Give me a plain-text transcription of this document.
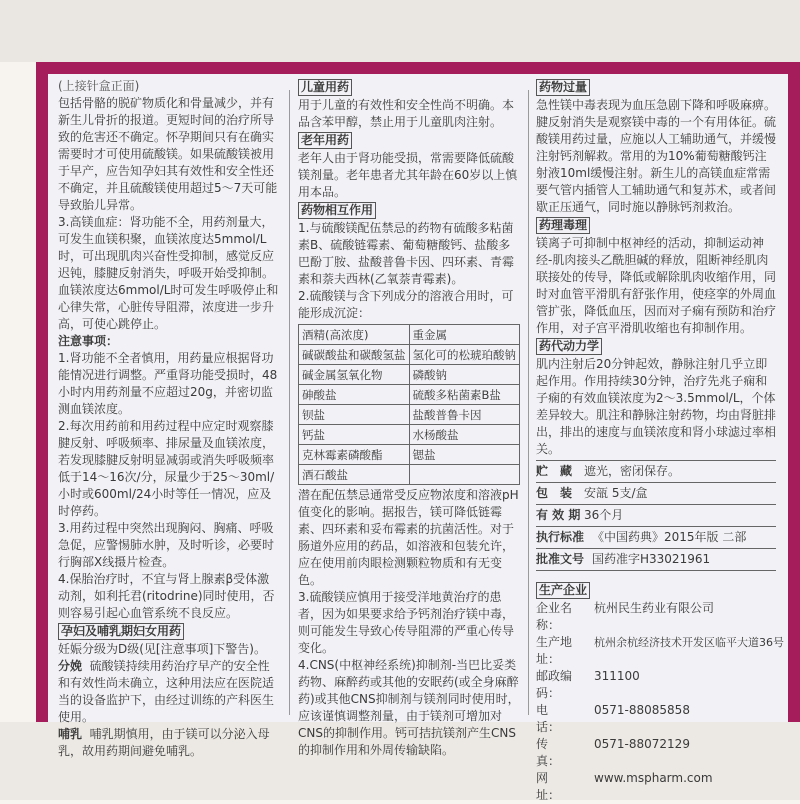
(上接针盒正面)

包括骨骼的脱矿物质化和骨量减少，并有新生儿骨折的报道。更短时间的治疗所导致的危害还不确定。怀孕期间只有在确实需要时才可使用硫酸镁。如果硫酸镁被用于早产，应告知孕妇其有效性和安全性还不确定，并且硫酸镁使用超过5～7天可能导致胎儿异常。

3.高镁血症：肾功能不全，用药剂量大，可发生血镁积聚，血镁浓度达5mmol/L时，可出现肌肉兴奋性受抑制，感觉反应迟钝，膝腱反射消失，呼吸开始受抑制。血镁浓度达6mmol/L时可发生呼吸停止和心律失常，心脏传导阻滞，浓度进一步升高，可使心跳停止。

注意事项：

1.肾功能不全者慎用，用药量应根据肾功能情况进行调整。严重肾功能受损时，48小时内用药剂量不应超过20g，并密切监测血镁浓度。

2.每次用药前和用药过程中应定时观察膝腱反射、呼吸频率、排尿量及血镁浓度，若发现膝腱反射明显减弱或消失呼吸频率低于14～16次/分，尿量少于25～30ml/小时或600ml/24小时等任一情况，应及时停药。

3.用药过程中突然出现胸闷、胸痛、呼吸急促，应警惕肺水肿，及时听诊，必要时行胸部X线摄片检查。

4.保胎治疗时，不宜与肾上腺素β受体激动剂，如利托君(ritodrine)同时使用，否则容易引起心血管系统不良反应。

孕妇及哺乳期妇女用药

妊娠分级为D级(见[注意事项]下警告)。

分娩 硫酸镁持续用药治疗早产的安全性和有效性尚未确立，这种用法应在医院适当的设备监护下，由经过训练的产科医生使用。

哺乳 哺乳期慎用，由于镁可以分泌入母乳，故用药期间避免哺乳。

儿童用药

用于儿童的有效性和安全性尚不明确。本品含苯甲醇，禁止用于儿童肌肉注射。

老年用药

老年人由于肾功能受损，常需要降低硫酸镁剂量。老年患者尤其年龄在60岁以上慎用本品。

药物相互作用

1.与硫酸镁配伍禁忌的药物有硫酸多粘菌素B、硫酸链霉素、葡萄糖酸钙、盐酸多巴酚丁胺、盐酸普鲁卡因、四环素、青霉素和萘夫西林(乙氧萘青霉素)。

2.硫酸镁与含下列成分的溶液合用时，可能形成沉淀：

酒精(高浓度)	重金属
碱碳酸盐和碳酸氢盐	氢化可的松琥珀酸钠
碱金属氢氧化物	磷酸钠
砷酸盐	硫酸多粘菌素B盐
钡盐	盐酸普鲁卡因
钙盐	水杨酸盐
克林霉素磷酸酯	锶盐
酒石酸盐	

潜在配伍禁忌通常受反应物浓度和溶液pH值变化的影响。据报告，镁可降低链霉素、四环素和妥布霉素的抗菌活性。对于肠道外应用的药品，如溶液和包装允许，应在使用前肉眼检测颗粒物质和有无变色。

3.硫酸镁应慎用于接受洋地黄治疗的患者，因为如果要求给予钙剂治疗镁中毒，则可能发生导致心传导阻滞的严重心传导变化。

4.CNS(中枢神经系统)抑制剂-当巴比妥类药物、麻醉药或其他的安眠药(或全身麻醉药)或其他CNS抑制剂与镁剂同时使用时，应该谨慎调整剂量，由于镁剂可增加对CNS的抑制作用。钙可拮抗镁剂产生CNS的抑制作用和外周传输缺陷。

药物过量

急性镁中毒表现为血压急剧下降和呼吸麻痹。腱反射消失是观察镁中毒的一个有用体征。硫酸镁用药过量，应施以人工辅助通气，并缓慢注射钙剂解救。常用的为10%葡萄糖酸钙注射液10ml缓慢注射。新生儿的高镁血症常需要气管内插管人工辅助通气和复苏术，或者间歇正压通气，同时施以静脉钙剂救治。

药理毒理

镁离子可抑制中枢神经的活动，抑制运动神经-肌肉接头乙酰胆碱的释放，阻断神经肌肉联接处的传导，降低或解除肌肉收缩作用，同时对血管平滑肌有舒张作用，使痉挛的外周血管扩张，降低血压，因而对子痫有预防和治疗作用，对子宫平滑肌收缩也有抑制作用。

药代动力学

肌内注射后20分钟起效，静脉注射几乎立即起作用。作用持续30分钟，治疗先兆子痫和子痫的有效血镁浓度为2～3.5mmol/L，个体差异较大。肌注和静脉注射药物，均由肾脏排出，排出的速度与血镁浓度和肾小球滤过率相关。

贮　藏 遮光，密闭保存。
包　装 安瓿 5支/盒
有 效 期 36个月
执行标准 《中国药典》2015年版 二部
批准文号 国药准字H33021961
生产企业
企业名称：
杭州民生药业有限公司
生产地址：
杭州余杭经济技术开发区临平大道36号
邮政编码：
311100
电　　话：
0571-88085858
传　　真：
0571-88072129
网　　址：
www.mspharm.com
